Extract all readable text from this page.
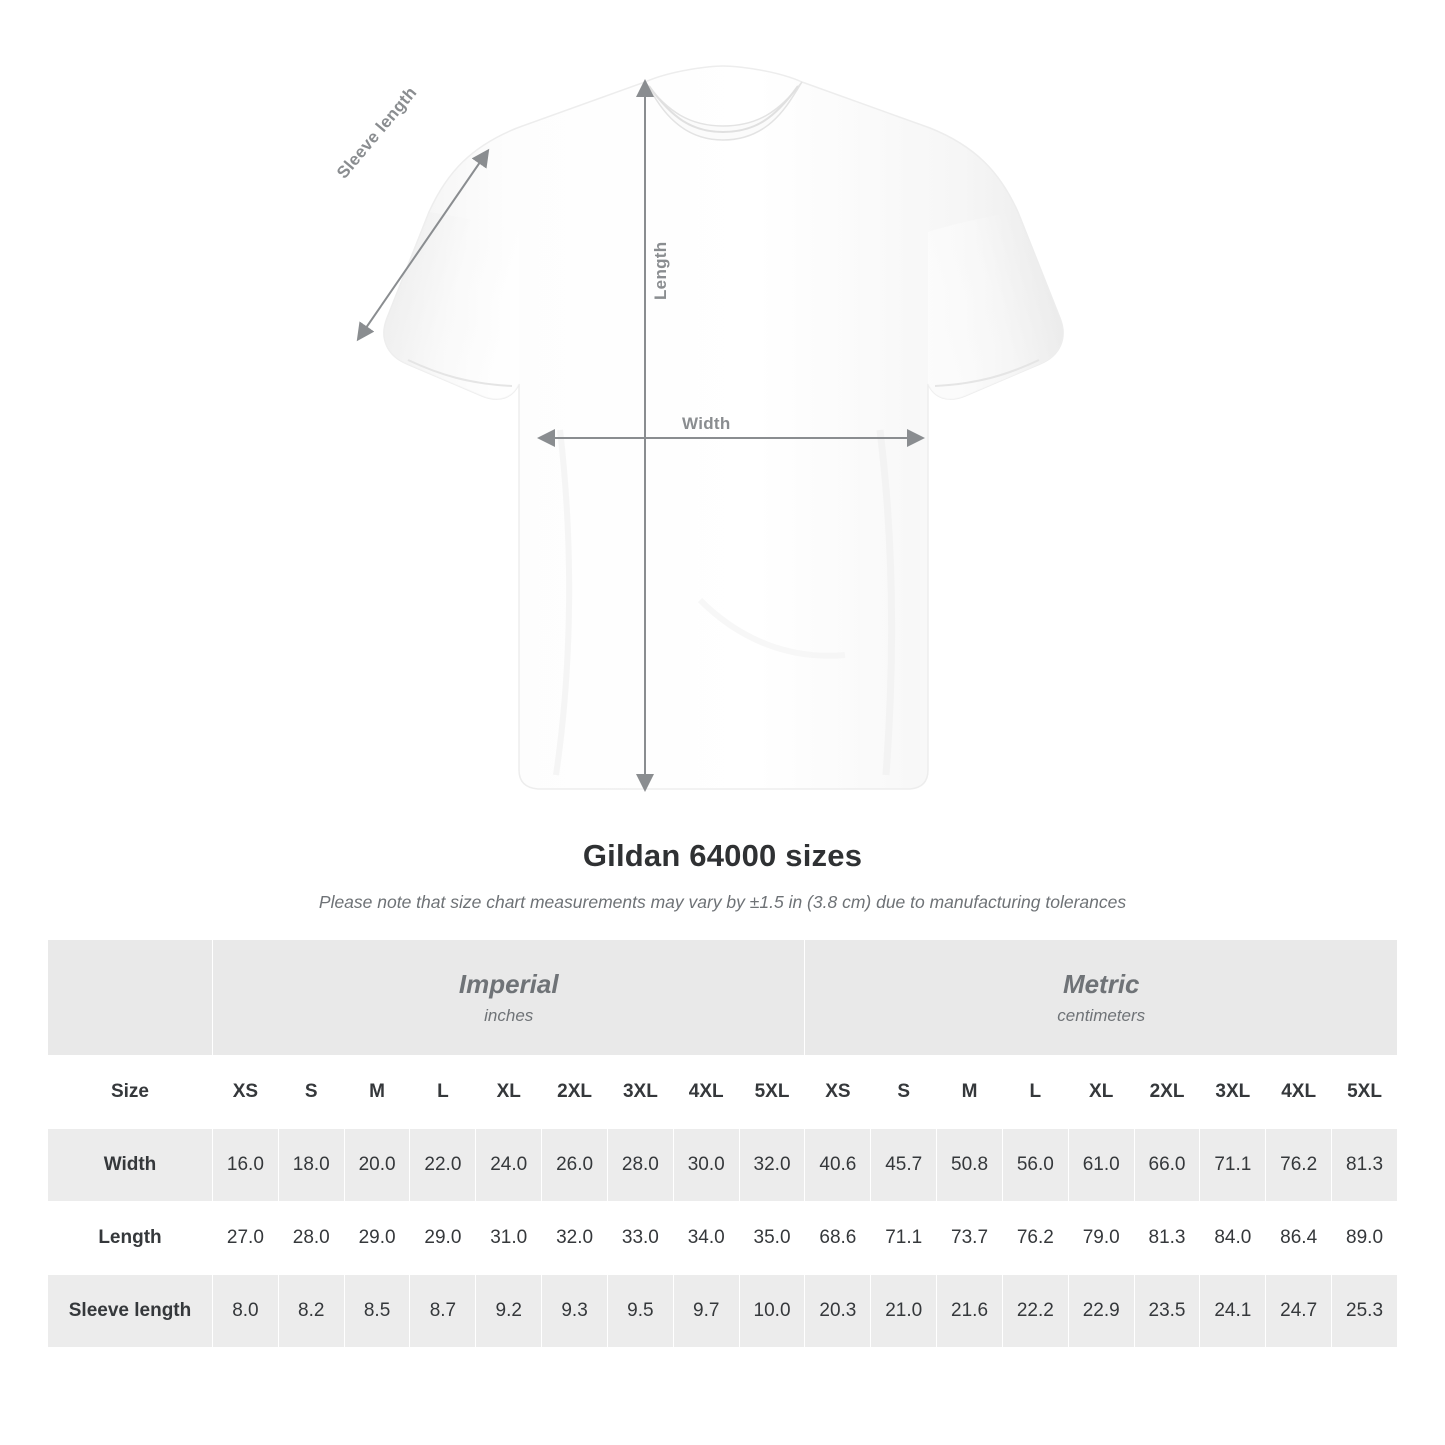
Sleeve length
Length
Width
Gildan 64000 sizes
Please note that size chart measurements may vary by ±1.5 in (3.8 cm) due to manufacturing tolerances

	Imperial
inches									Metric
centimeters								

Size	XS	S	M	L	XL	2XL	3XL	4XL	5XL	XS	S	M	L	XL	2XL	3XL	4XL	5XL
Width	16.0	18.0	20.0	22.0	24.0	26.0	28.0	30.0	32.0	40.6	45.7	50.8	56.0	61.0	66.0	71.1	76.2	81.3
Length	27.0	28.0	29.0	29.0	31.0	32.0	33.0	34.0	35.0	68.6	71.1	73.7	76.2	79.0	81.3	84.0	86.4	89.0
Sleeve length	8.0	8.2	8.5	8.7	9.2	9.3	9.5	9.7	10.0	20.3	21.0	21.6	22.2	22.9	23.5	24.1	24.7	25.3
